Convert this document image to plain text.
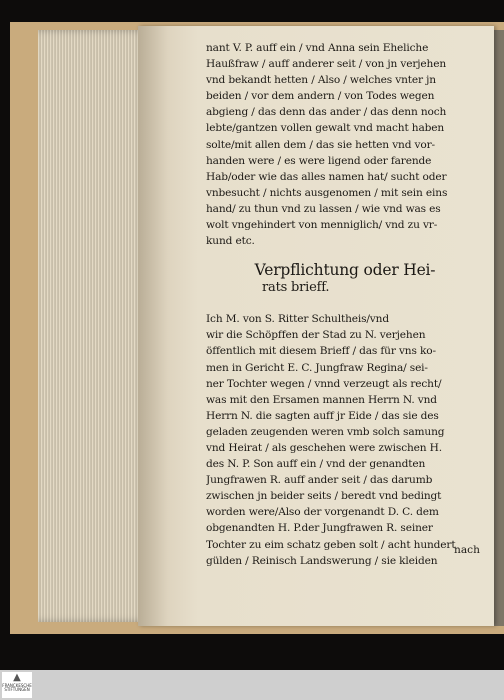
nant V. P. auff ein / vnd Anna sein Eheliche
Haußfraw / auff anderer seit / von jn verjehen
vnd bekandt hetten / Also / welches vnter jn
beiden / vor dem andern / von Todes wegen
abgieng / das denn das ander / das denn noch
lebte/gantzen vollen gewalt vnd macht haben
solte/mit allen dem / das sie hetten vnd vor-
handen were / es were ligend oder farende
Hab/oder wie das alles namen hat/ sucht oder
vnbesucht / nichts ausgenomen / mit sein eins
hand/ zu thun vnd zu lassen / wie vnd was es
wolt vngehindert von menniglich/ vnd zu vr-
kund etc.
Verpflichtung oder Hei-
rats brieff.
Ich M. von S. Ritter Schultheis/vnd
wir die Schöpffen der Stad zu N. verjehen
öffentlich mit diesem Brieff / das für vns ko-
men in Gericht E. C. Jungfraw Regina/ sei-
ner Tochter wegen / vnnd verzeugt als recht/
was mit den Ersamen mannen Herrn N. vnd
Herrn N. die sagten auff jr Eide / das sie des
geladen zeugenden weren vmb solch samung
vnd Heirat / als geschehen were zwischen H.
des N. P. Son auff ein / vnd der genandten
Jungfrawen R. auff ander seit / das darumb
zwischen jn beider seits / beredt vnd bedingt
worden were/Also der vorgenandt D. C. dem
obgenandten H. P.der Jungfrawen R. seiner
Tochter zu eim schatz geben solt / acht hundert
gülden / Reinisch Landswerung / sie kleiden
nach
▲
FRANCKESCHE
STIFTUNGEN
